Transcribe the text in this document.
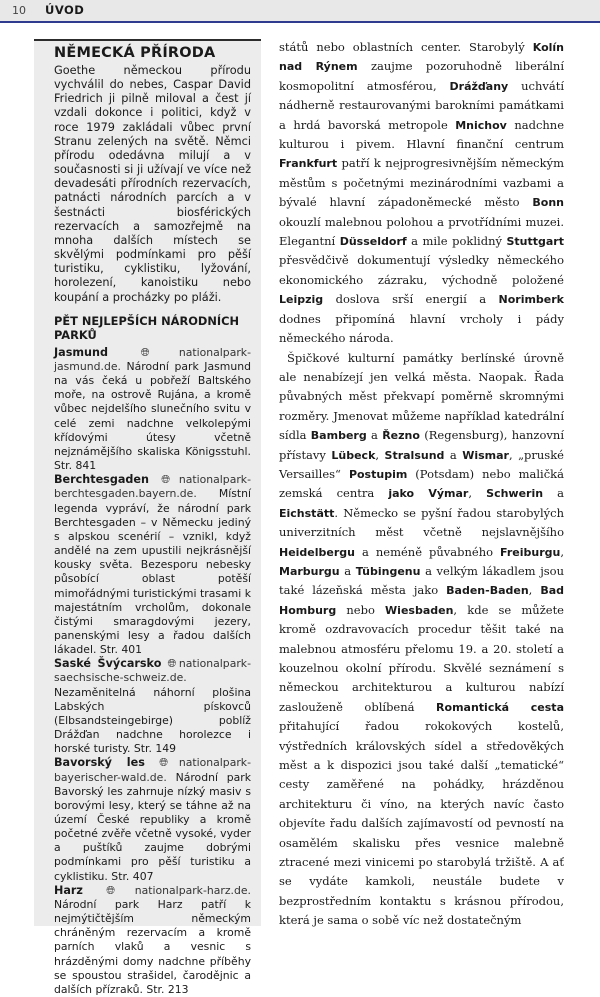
10 ÚVOD
NĚMECKÁ PŘÍRODA

Goethe německou přírodu vychválil do nebes, Caspar David Friedrich ji pilně miloval a čest jí vzdali dokonce i politici, když v roce 1979 zakládali vůbec první Stranu zelených na světě. Němci přírodu odedávna milují a v současnosti si ji užívají ve více než devadesáti přírodních rezervacích, patnácti národních parcích a v šestnácti biosférických rezervacích a samozřejmě na mnoha dalších místech se skvělými podmínkami pro pěší turistiku, cyklistiku, lyžování, horolezení, kanoistiku nebo koupání a procházky po pláži.

PĚT NEJLEPŠÍCH NÁRODNÍCH PARKŮ

Jasmund	🌐︎nationalpark-jasmund.de. Národní park Jasmund na vás čeká u pobřeží Baltského moře, na ostrově Rujána, a kromě vůbec nejdelšího slunečního svitu v celé zemi nadchne velkolepými křídovými útesy včetně nejznámějšího skaliska Königsstuhl. Str. 841

Berchtesgaden 🌐︎nationalpark-berchtesgaden.bayern.de. Místní legenda vypráví, že národní park Berchtesgaden – v Německu jediný s alpskou scenérií – vznikl, když andělé na zem upustili nejkrásnější kousky světa. Bezesporu nebesky působící oblast potěší mimořádnými turistickými trasami k majestátním vrcholům, dokonale čistými smaragdovými jezery, panenskými lesy a řadou dalších lákadel. Str. 401

Saské Švýcarsko 🌐︎nationalpark-saechsische-schweiz.de. Nezaměnitelná náhorní plošina Labských pískovců (Elbsandsteingebirge) poblíž Drážďan nadchne horolezce i horské turisty. Str. 149

Bavorský les 🌐︎nationalpark-bayerischer-wald.de. Národní park Bavorský les zahrnuje nízký masiv s borovými lesy, který se táhne až na území České republiky a kromě početné zvěře včetně vysoké, vyder a puštíků zaujme dobrými podmínkami pro pěší turistiku a cyklistiku. Str. 407

Harz 🌐︎nationalpark-harz.de. Národní park Harz patří k nejmýtičtějším německým chráněným rezervacím a kromě parních vlaků a vesnic s hrázděnými domy nadchne příběhy se spoustou strašidel, čarodějnic a dalších přízraků. Str. 213

států nebo oblastních center. Starobylý Kolín nad Rýnem zaujme pozoruhodně liberální kosmopolitní atmosférou, Drážďany uchvátí nádherně restaurovanými barokními památkami a hrdá bavorská metropole Mnichov nadchne kulturou i pivem. Hlavní finanční centrum Frankfurt patří k nejprogresivnějším německým městům s početnými mezinárodními vazbami a bývalé hlavní západoněmecké město Bonn okouzlí malebnou polohou a prvotřídními muzei. Elegantní Düsseldorf a mile poklidný Stuttgart přesvědčivě dokumentují výsledky německého ekonomického zázraku, východně položené Leipzig doslova srší energií a Norimberk dodnes připomíná hlavní vrcholy i pády německého národa.

Špičkové kulturní památky berlínské úrovně ale nenabízejí jen velká města. Naopak. Řada půvabných měst překvapí poměrně skromnými rozměry. Jmenovat můžeme například katedrální sídla Bamberg a Řezno (Regensburg), hanzovní přístavy Lübeck, Stralsund a Wismar, „pruské Versailles“ Postupim (Potsdam) nebo maličká zemská centra jako Výmar, Schwerin a Eichstätt. Německo se pyšní řadou starobylých univerzitních měst včetně nejslavnějšího Heidelbergu a neméně půvabného Freiburgu, Marburgu a Tübingenu a velkým lákadlem jsou také lázeňská města jako Baden-Baden, Bad Homburg nebo Wiesbaden, kde se můžete kromě ozdravovacích procedur těšit také na malebnou atmosféru přelomu 19. a 20. století a kouzelnou okolní přírodu. Skvělé seznámení s německou architekturou a kulturou nabízí zaslouženě oblíbená Romantická cesta přitahující řadou rokokových kostelů, výstředních královských sídel a středověkých měst a k dispozici jsou také další „tematické“ cesty zaměřené na pohádky, hrázděnou architekturu či víno, na kterých navíc často objevíte řadu dalších zajímavostí od pevností na osamělém skalisku přes vesnice malebně ztracené mezi vinicemi po starobylá tržiště. A ať se vydáte kamkoli, neustále budete v bezprostředním kontaktu s krásnou přírodou, která je sama o sobě víc než dostatečným
